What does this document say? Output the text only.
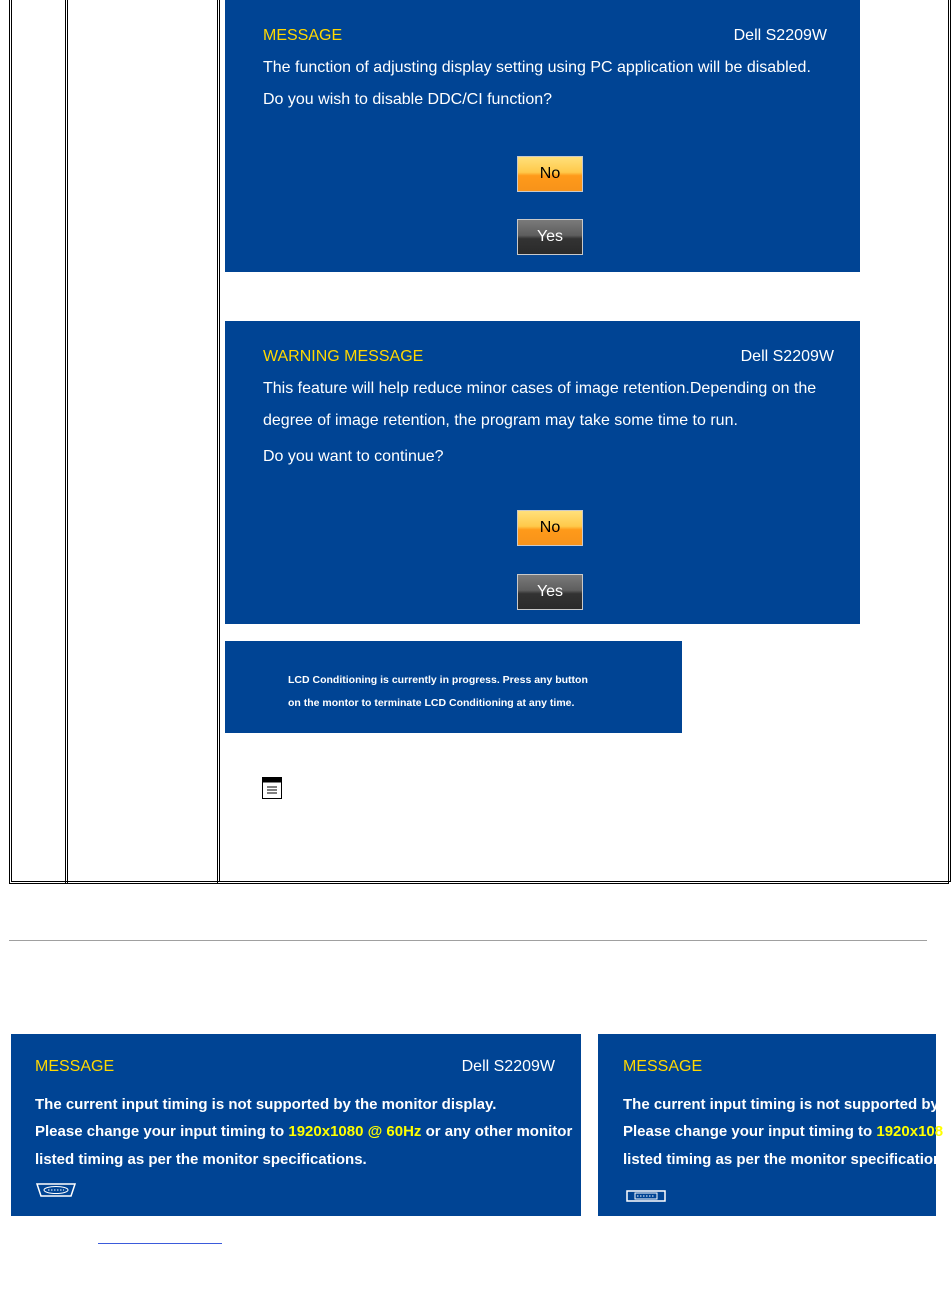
MESSAGE	Dell S2209W
The function of adjusting display setting using PC application will be disabled.
Do you wish to disable DDC/CI function?
No
Yes
WARNING MESSAGE	Dell S2209W
This feature will help reduce minor cases of image retention.Depending on the
degree of image retention, the program may take some time to run.
Do you want to continue?
No
Yes
LCD Conditioning is currently in progress. Press any button
on the montor to terminate LCD Conditioning at any time.
MESSAGE	Dell S2209W
The current input timing is not supported by the monitor display.
Please change your input timing to 1920x1080 @ 60Hz or any other monitor
listed timing as per the monitor specifications.
MESSAGE
The current input timing is not supported by
Please change your input timing to 1920x108
listed timing as per the monitor specification
